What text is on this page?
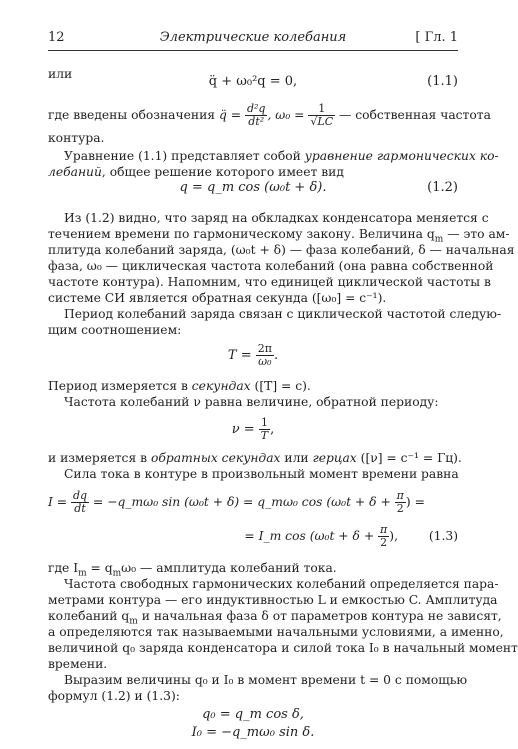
12	Электрические колебания	[ Гл. 1
или	q̈ + ω₀²q = 0,	(1.1)
где введены обозначения q̈ = $\frac{\text{d²q}}{\text{dt²}}$ , $\omega_0 = \frac{1}{√LC}$ — собственная частота
контура.
Уравнение (1.1) представляет собой уравнение гармонических ко-
лебаний, общее решение которого имеет вид
q = q_m cos (ω₀t + δ).	(1.2)
Из (1.2) видно, что заряд на обкладках конденсатора меняется с
течением времени по гармоническому закону. Величина $q_m$ — это ам-
плитуда колебаний заряда, (ω₀t + δ) — фаза колебаний, δ — начальная
фаза, ω₀ — циклическая частота колебаний (она равна собственной
частоте контура). Напомним, что единицей циклической частоты в
системе СИ является обратная секунда ([ω₀] = c⁻¹).
Период колебаний заряда связан с циклической частотой следую-
щим соотношением:
$T = \frac{2\pi}{\text{ω₀}}$ .
Период измеряется в секундах ([T] = c).
Частота колебаний ν равна величине, обратной периоду:
$\nu = \frac{1}{T}$ ,
и измеряется в обратных секундах или герцах ([ν] = c⁻¹ = Гц).
Сила тока в контуре в произвольный момент времени равна
$I = \frac{dq}{dt}$ = −q_mω₀ sin (ω₀t + δ) = q_mω₀ $\cos (\omega_0t + \delta + \frac{\pi}{2}$ ) =
= I_m $\cos (\omega_0t + \delta + \frac{\pi}{2}$ ),	(1.3)
где $I_m = q_m\omega_0$ — амплитуда колебаний тока.
Частота свободных гармонических колебаний определяется пара-
метрами контура — его индуктивностью L и емкостью C. Амплитуда
колебаний $q_m$ и начальная фаза δ от параметров контура не зависят,
а определяются так называемыми начальными условиями, а именно,
величиной q₀ заряда конденсатора и силой тока I₀ в начальный момент
времени.
Выразим величины q₀ и I₀ в момент времени t = 0 с помощью
формул (1.2) и (1.3):
q₀ = q_m cos δ,
I₀ = −q_mω₀ sin δ.
